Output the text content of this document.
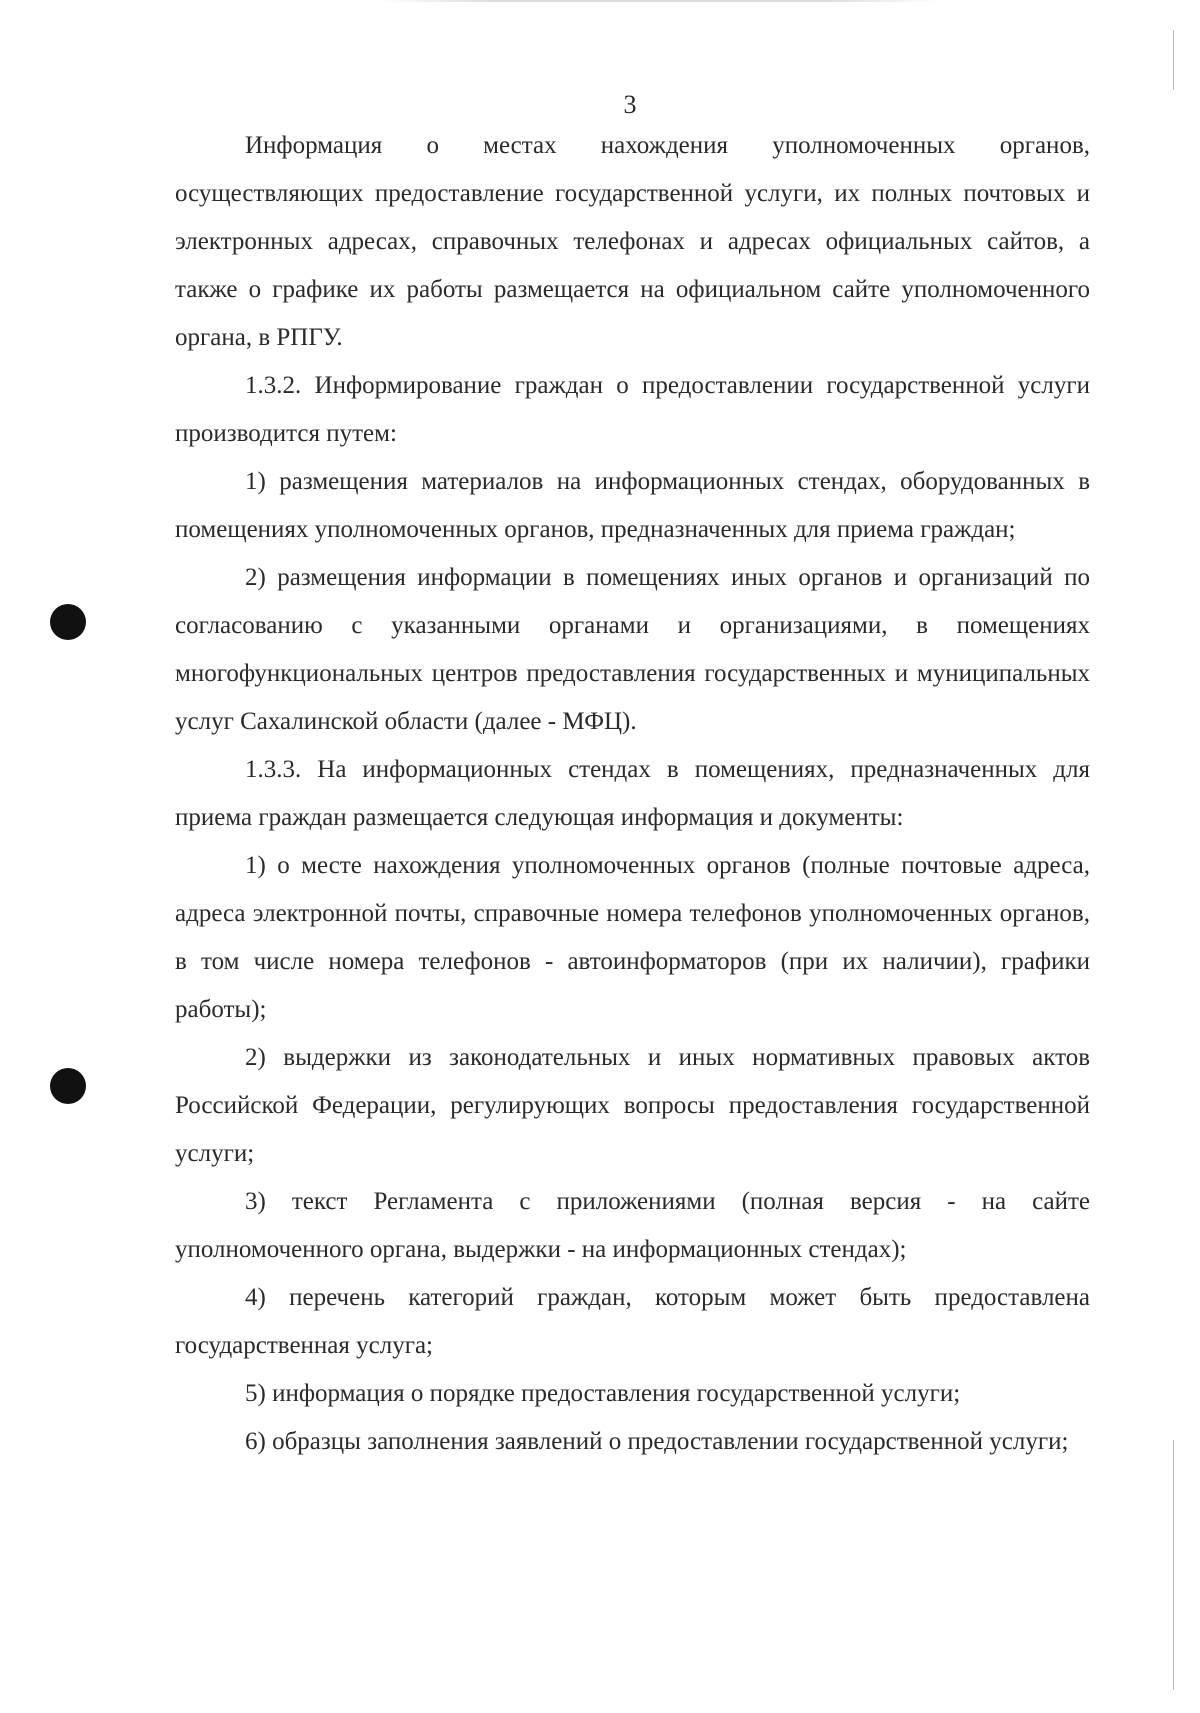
3

Информация о местах нахождения уполномоченных органов, осуществляющих предоставление государственной услуги, их полных почтовых и электронных адресах, справочных телефонах и адресах официальных сайтов, а также о графике их работы размещается на официальном сайте уполномоченного органа, в РПГУ.

1.3.2. Информирование граждан о предоставлении государственной услуги производится путем:

1) размещения материалов на информационных стендах, оборудованных в помещениях уполномоченных органов, предназначенных для приема граждан;

2) размещения информации в помещениях иных органов и организаций по согласованию с указанными органами и организациями, в помещениях многофункциональных центров предоставления государственных и муниципальных услуг Сахалинской области (далее - МФЦ).

1.3.3. На информационных стендах в помещениях, предназначенных для приема граждан размещается следующая информация и документы:

1) о месте нахождения уполномоченных органов (полные почтовые адреса, адреса электронной почты, справочные номера телефонов уполномоченных органов, в том числе номера телефонов - автоинформаторов (при их наличии), графики работы);

2) выдержки из законодательных и иных нормативных правовых актов Российской Федерации, регулирующих вопросы предоставления государственной услуги;

3) текст Регламента с приложениями (полная версия - на сайте уполномоченного органа, выдержки - на информационных стендах);

4) перечень категорий граждан, которым может быть предоставлена государственная услуга;

5) информация о порядке предоставления государственной услуги;

6) образцы заполнения заявлений о предоставлении государственной услуги;
